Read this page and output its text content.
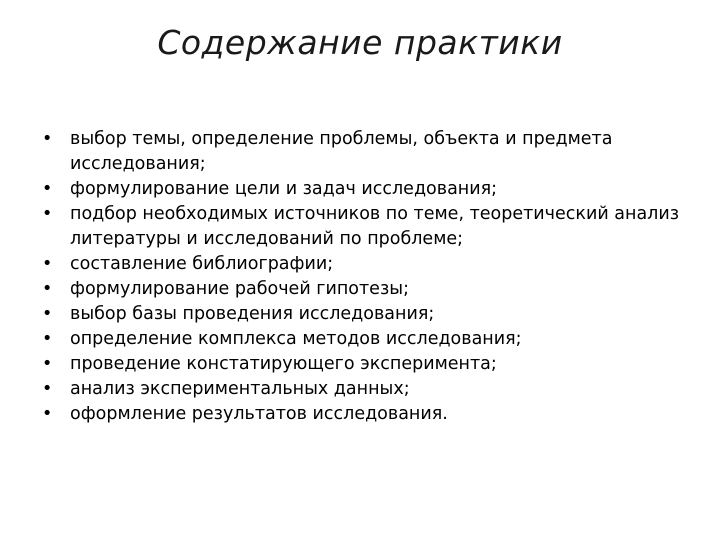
Содержание практики
• выбор темы, определение проблемы, объекта и предмета исследования;
• формулирование цели и задач исследования;
• подбор необходимых источников по теме, теоретический анализ литературы и исследований по проблеме;
• составление библиографии;
• формулирование рабочей гипотезы;
• выбор базы проведения исследования;
• определение комплекса методов исследования;
• проведение констатирующего эксперимента;
• анализ экспериментальных данных;
• оформление результатов исследования.
